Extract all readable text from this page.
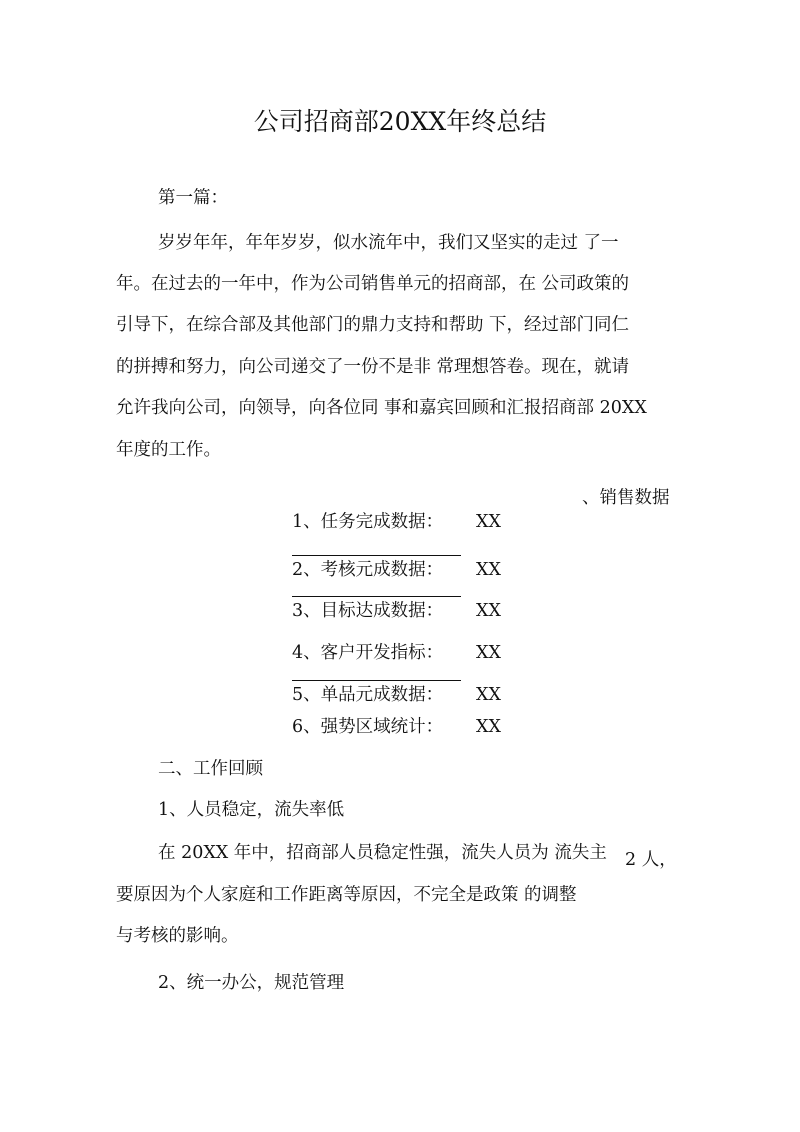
公司招商部20XX年终总结
第一篇：
岁岁年年，年年岁岁，似水流年中，我们又坚实的走过 了一
年。在过去的一年中，作为公司销售单元的招商部，在 公司政策的
引导下，在综合部及其他部门的鼎力支持和帮助 下，经过部门同仁
的拼搏和努力，向公司递交了一份不是非 常理想答卷。现在，就请
允许我向公司，向领导，向各位同 事和嘉宾回顾和汇报招商部 20XX
年度的工作。
、销售数据
1、任务完成数据： XX
2、考核元成数据： XX
3、目标达成数据： XX
4、客户开发指标： XX
5、单品元成数据： XX
6、强势区域统计： XX
二、工作回顾
1、人员稳定，流失率低
在 20XX 年中，招商部人员稳定性强，流失人员为 流失主 2 人，
要原因为个人家庭和工作距离等原因，不完全是政策 的调整
与考核的影响。
2、统一办公，规范管理
